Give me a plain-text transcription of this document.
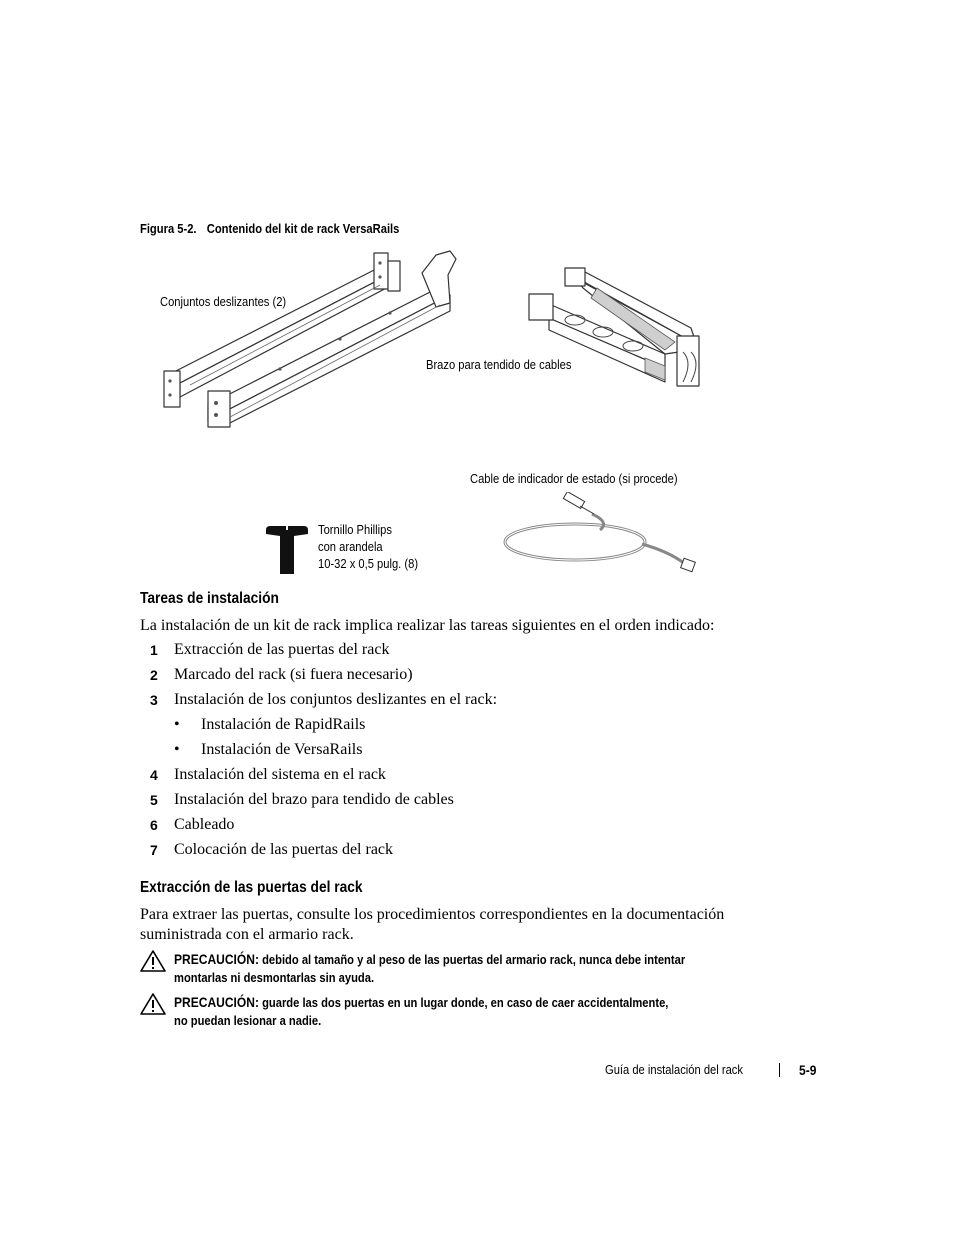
Figura 5-2. Contenido del kit de rack VersaRails
Conjuntos deslizantes (2)
Brazo para tendido de cables
Cable de indicador de estado (si procede)
Tornillo Phillips
con arandela
10-32 x 0,5 pulg. (8)
Tareas de instalación
La instalación de un kit de rack implica realizar las tareas siguientes en el orden indicado:
1	Extracción de las puertas del rack
2	Marcado del rack (si fuera necesario)
3	Instalación de los conjuntos deslizantes en el rack:
• Instalación de RapidRails
• Instalación de VersaRails
4	Instalación del sistema en el rack
5	Instalación del brazo para tendido de cables
6	Cableado
7	Colocación de las puertas del rack
Extracción de las puertas del rack
Para extraer las puertas, consulte los procedimientos correspondientes en la documentación
suministrada con el armario rack.
PRECAUCIÓN: debido al tamaño y al peso de las puertas del armario rack, nunca debe intentar
montarlas ni desmontarlas sin ayuda.
PRECAUCIÓN: guarde las dos puertas en un lugar donde, en caso de caer accidentalmente,
no puedan lesionar a nadie.
Guía de instalación del rack	5-9
